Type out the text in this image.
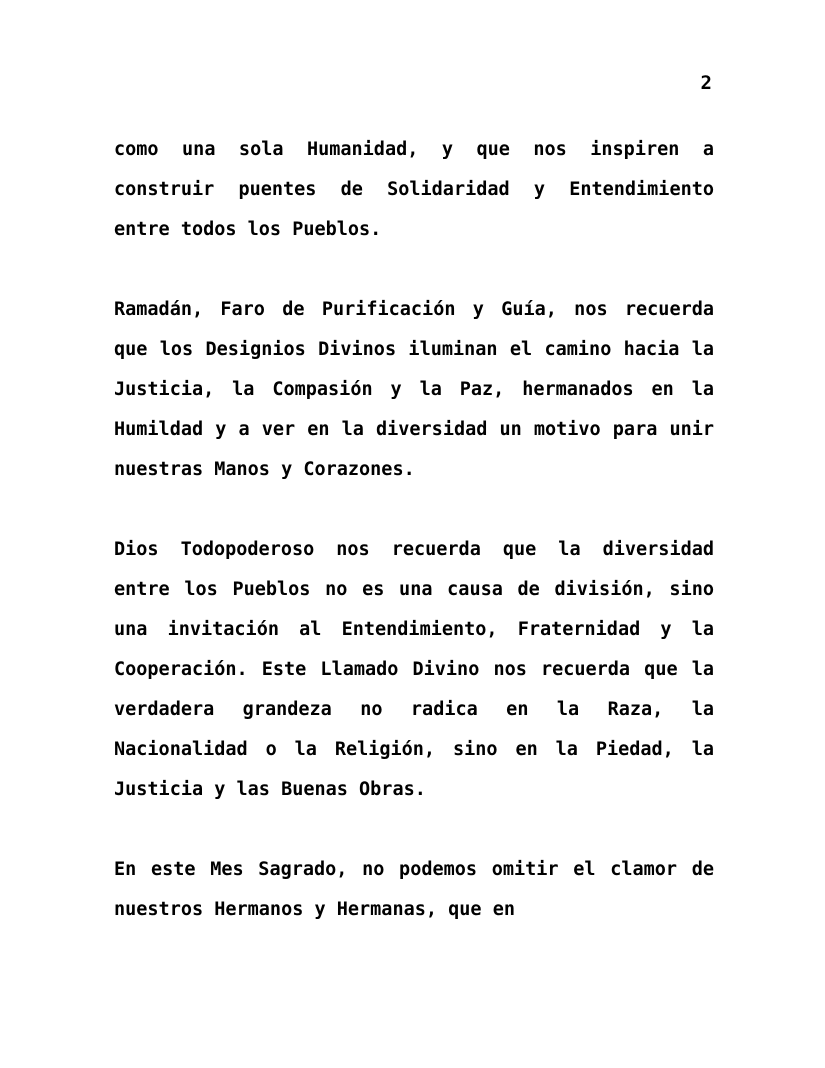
2

como una sola Humanidad, y que nos inspiren a construir puentes de Solidaridad y Entendimiento entre todos los Pueblos.

Ramadán, Faro de Purificación y Guía, nos recuerda que los Designios Divinos iluminan el camino hacia la Justicia, la Compasión y la Paz, hermanados en la Humildad y a ver en la diversidad un motivo para unir nuestras Manos y Corazones.

Dios Todopoderoso nos recuerda que la diversidad entre los Pueblos no es una causa de división, sino una invitación al Entendimiento, Fraternidad y la Cooperación. Este Llamado Divino nos recuerda que la verdadera grandeza no radica en la Raza, la Nacionalidad o la Religión, sino en la Piedad, la Justicia y las Buenas Obras.

En este Mes Sagrado, no podemos omitir el clamor de nuestros Hermanos y Hermanas, que en
